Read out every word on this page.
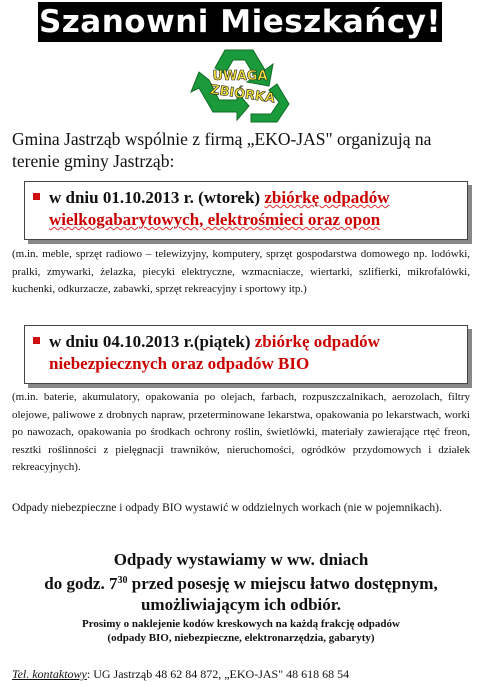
Szanowni Mieszkańcy!
UWAGA
ZBIÓRKA
Gmina Jastrząb wspólnie z firmą „EKO-JAS" organizują na terenie gminy Jastrząb:
w dniu 01.10.2013 r. (wtorek) zbiórkę odpadów
wielkogabarytowych, elektrośmieci oraz opon
(m.in. meble, sprzęt radiowo – telewizyjny, komputery, sprzęt gospodarstwa domowego np. lodówki, pralki, zmywarki, żelazka, piecyki elektryczne, wzmacniacze, wiertarki, szlifierki, mikrofalówki, kuchenki, odkurzacze, zabawki, sprzęt rekreacyjny i sportowy itp.)
w dniu 04.10.2013 r.(piątek) zbiórkę odpadów
niebezpiecznych oraz odpadów BIO
(m.in. baterie, akumulatory, opakowania po olejach, farbach, rozpuszczalnikach, aerozolach, filtry olejowe, paliwowe z drobnych napraw, przeterminowane lekarstwa, opakowania po lekarstwach, worki po nawozach, opakowania po środkach ochrony roślin, świetlówki, materiały zawierające rtęć freon, resztki roślinności z pielęgnacji trawników, nieruchomości, ogródków przydomowych i działek rekreacyjnych).
Odpady niebezpieczne i odpady BIO wystawić w oddzielnych workach (nie w pojemnikach).
Odpady wystawiamy w ww. dniach
do godz. $7^{30}$ przed posesję w miejscu łatwo dostępnym,
umożliwiającym ich odbiór.
Prosimy o naklejenie kodów kreskowych na każdą frakcję odpadów
(odpady BIO, niebezpieczne, elektronarzędzia, gabaryty)
Tel. kontaktowy: UG Jastrząb 48 62 84 872, „EKO-JAS" 48 618 68 54
